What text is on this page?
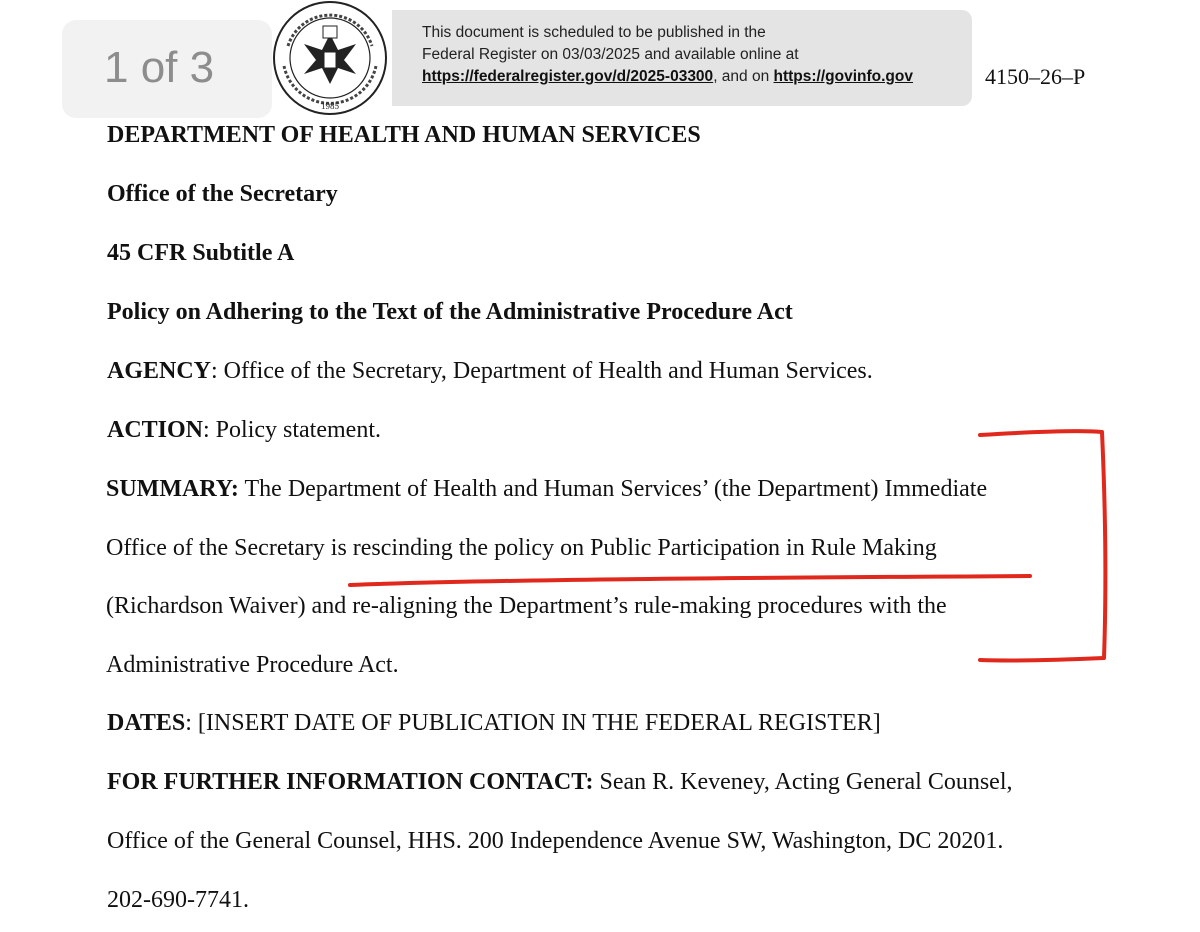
1 of 3
1985
This document is scheduled to be published in the
Federal Register on 03/03/2025 and available online at
https://federalregister.gov/d/2025-03300, and on https://govinfo.gov	4150–26–P
DEPARTMENT OF HEALTH AND HUMAN SERVICES
Office of the Secretary
45 CFR Subtitle A
Policy on Adhering to the Text of the Administrative Procedure Act
AGENCY: Office of the Secretary, Department of Health and Human Services.
ACTION: Policy statement.
SUMMARY: The Department of Health and Human Services’ (the Department) Immediate
Office of the Secretary is rescinding the policy on Public Participation in Rule Making
(Richardson Waiver) and re-aligning the Department’s rule-making procedures with the
Administrative Procedure Act.
DATES: [INSERT DATE OF PUBLICATION IN THE FEDERAL REGISTER]
FOR FURTHER INFORMATION CONTACT: Sean R. Keveney, Acting General Counsel,
Office of the General Counsel, HHS. 200 Independence Avenue SW, Washington, DC 20201.
202-690-7741.
